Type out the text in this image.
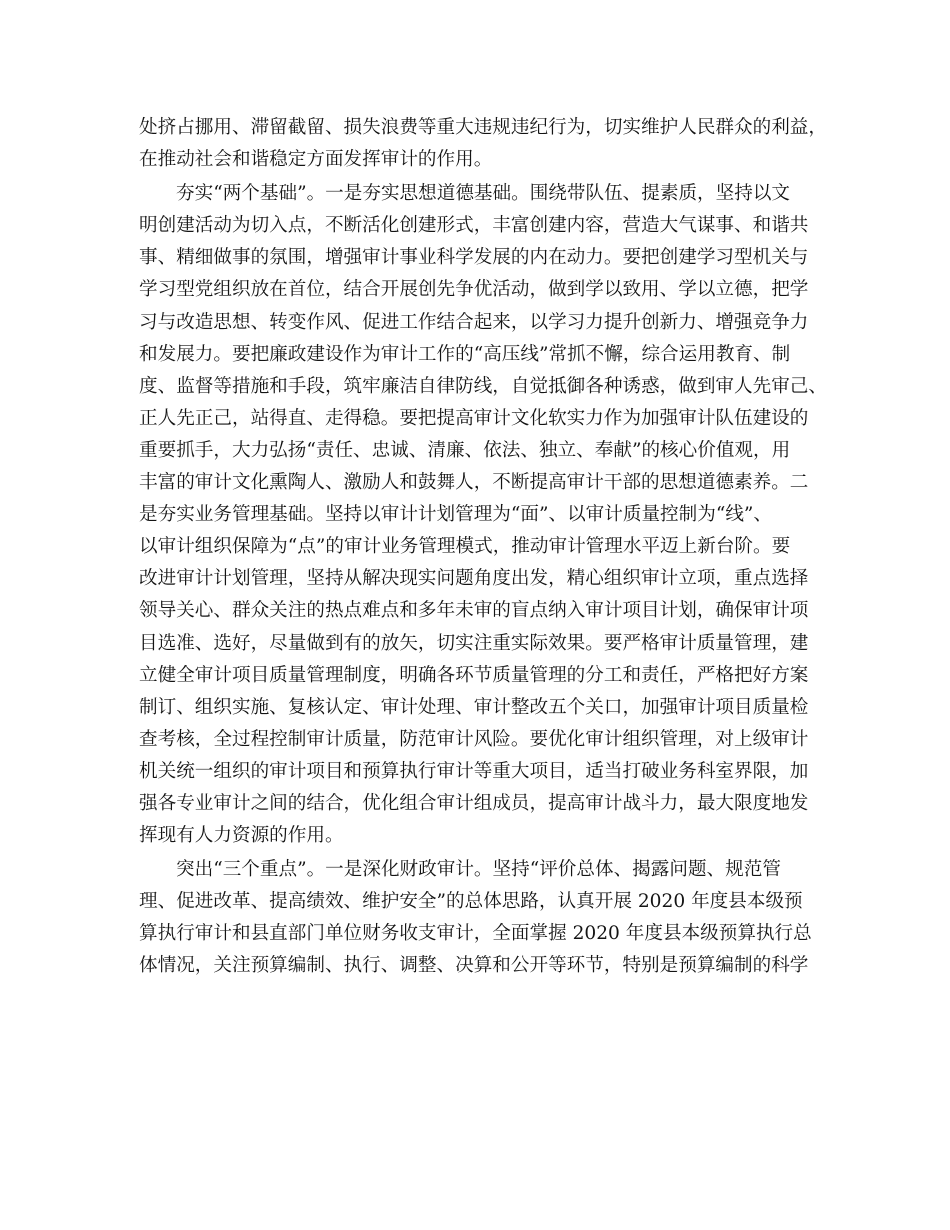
处挤占挪用、滞留截留、损失浪费等重大违规违纪行为，切实维护人民群众的利益，
在推动社会和谐稳定方面发挥审计的作用。
夯实“两个基础”。一是夯实思想道德基础。围绕带队伍、提素质，坚持以文
明创建活动为切入点，不断活化创建形式，丰富创建内容，营造大气谋事、和谐共
事、精细做事的氛围，增强审计事业科学发展的内在动力。要把创建学习型机关与
学习型党组织放在首位，结合开展创先争优活动，做到学以致用、学以立德，把学
习与改造思想、转变作风、促进工作结合起来，以学习力提升创新力、增强竞争力
和发展力。要把廉政建设作为审计工作的“高压线”常抓不懈，综合运用教育、制
度、监督等措施和手段，筑牢廉洁自律防线，自觉抵御各种诱惑，做到审人先审己、
正人先正己，站得直、走得稳。要把提高审计文化软实力作为加强审计队伍建设的
重要抓手，大力弘扬“责任、忠诚、清廉、依法、独立、奉献”的核心价值观，用
丰富的审计文化熏陶人、激励人和鼓舞人，不断提高审计干部的思想道德素养。二
是夯实业务管理基础。坚持以审计计划管理为“面”、以审计质量控制为“线”、
以审计组织保障为“点”的审计业务管理模式，推动审计管理水平迈上新台阶。要
改进审计计划管理，坚持从解决现实问题角度出发，精心组织审计立项，重点选择
领导关心、群众关注的热点难点和多年未审的盲点纳入审计项目计划，确保审计项
目选准、选好，尽量做到有的放矢，切实注重实际效果。要严格审计质量管理，建
立健全审计项目质量管理制度，明确各环节质量管理的分工和责任，严格把好方案
制订、组织实施、复核认定、审计处理、审计整改五个关口，加强审计项目质量检
查考核，全过程控制审计质量，防范审计风险。要优化审计组织管理，对上级审计
机关统一组织的审计项目和预算执行审计等重大项目，适当打破业务科室界限，加
强各专业审计之间的结合，优化组合审计组成员，提高审计战斗力，最大限度地发
挥现有人力资源的作用。
突出“三个重点”。一是深化财政审计。坚持“评价总体、揭露问题、规范管
理、促进改革、提高绩效、维护安全”的总体思路，认真开展 2020 年度县本级预
算执行审计和县直部门单位财务收支审计，全面掌握 2020 年度县本级预算执行总
体情况，关注预算编制、执行、调整、决算和公开等环节，特别是预算编制的科学
